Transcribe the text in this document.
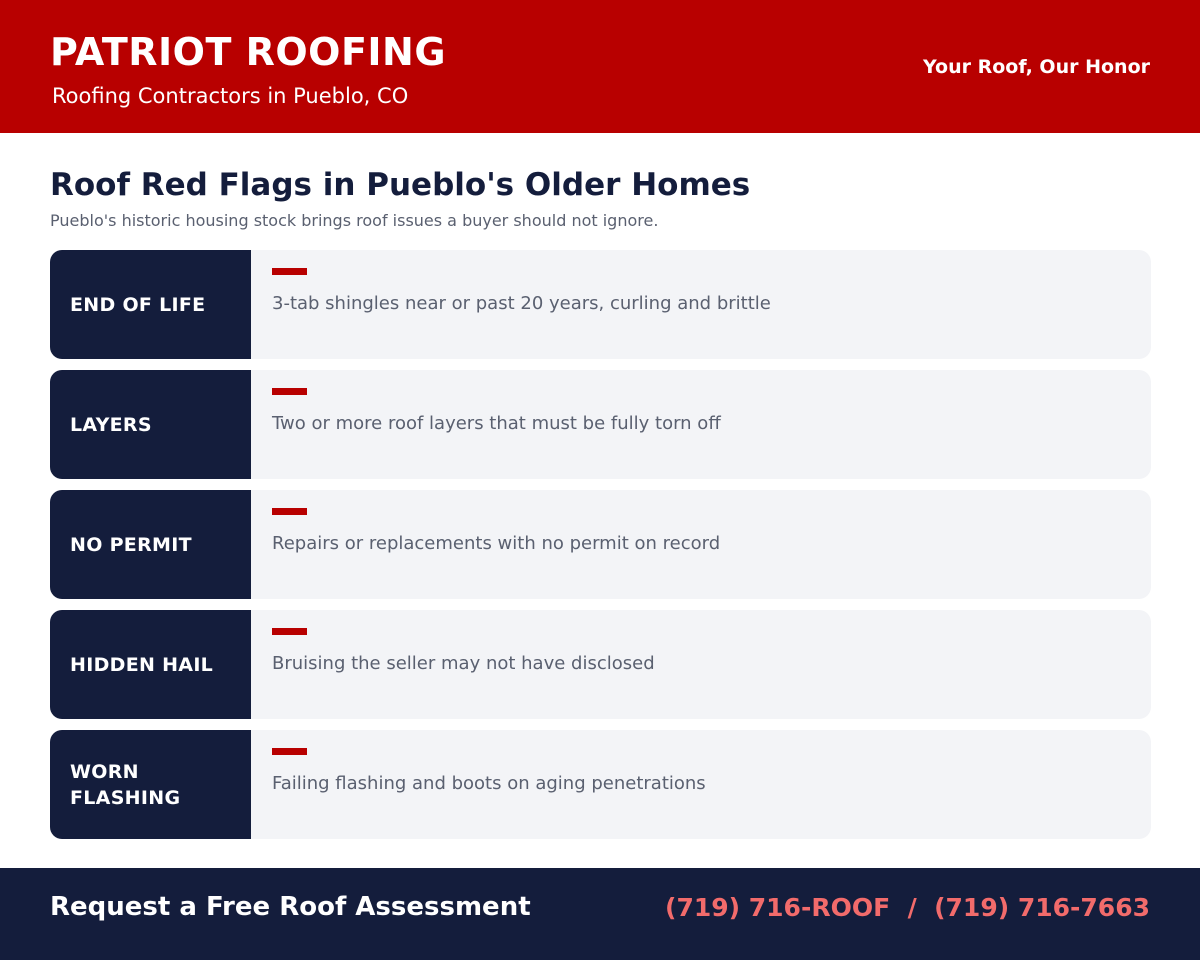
PATRIOT ROOFING
Roofing Contractors in Pueblo, CO
Your Roof, Our Honor
Roof Red Flags in Pueblo's Older Homes

Pueblo's historic housing stock brings roof issues a buyer should not ignore.

END OF LIFE	3-tab shingles near or past 20 years, curling and brittle
LAYERS	Two or more roof layers that must be fully torn off
NO PERMIT	Repairs or replacements with no permit on record
HIDDEN HAIL	Bruising the seller may not have disclosed
WORN FLASHING
Failing flashing and boots on aging penetrations
Request a Free Roof Assessment	(719) 716-ROOF  /  (719) 716-7663
